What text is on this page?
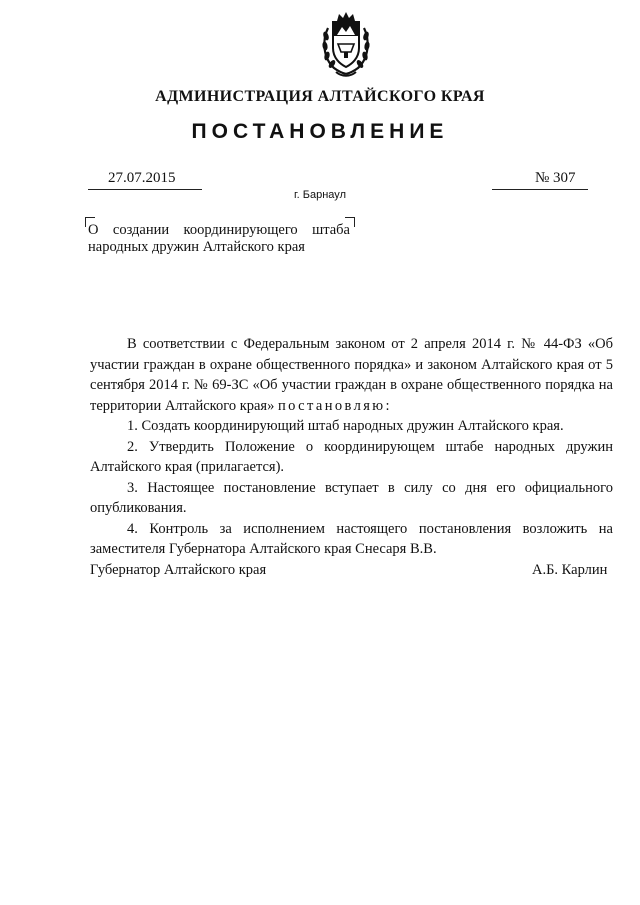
АДМИНИСТРАЦИЯ АЛТАЙСКОГО КРАЯ
ПОСТАНОВЛЕНИЕ
27.07.2015	№ 307
г. Барнаул
О создании координирующего штаба
народных дружин Алтайского края

В соответствии с Федеральным законом от 2 апреля 2014 г. № 44-ФЗ «Об участии граждан в охране общественного порядка» и законом Алтайского края от 5 сентября 2014 г. № 69-ЗС «Об участии граждан в охране общественного порядка на территории Алтайского края» постановляю:

1. Создать координирующий штаб народных дружин Алтайского края.

2. Утвердить Положение о координирующем штабе народных дружин Алтайского края (прилагается).

3. Настоящее постановление вступает в силу со дня его официального опубликования.

4. Контроль за исполнением настоящего постановления возложить на заместителя Губернатора Алтайского края Снесаря В.В.

Губернатор Алтайского края	А.Б. Карлин
